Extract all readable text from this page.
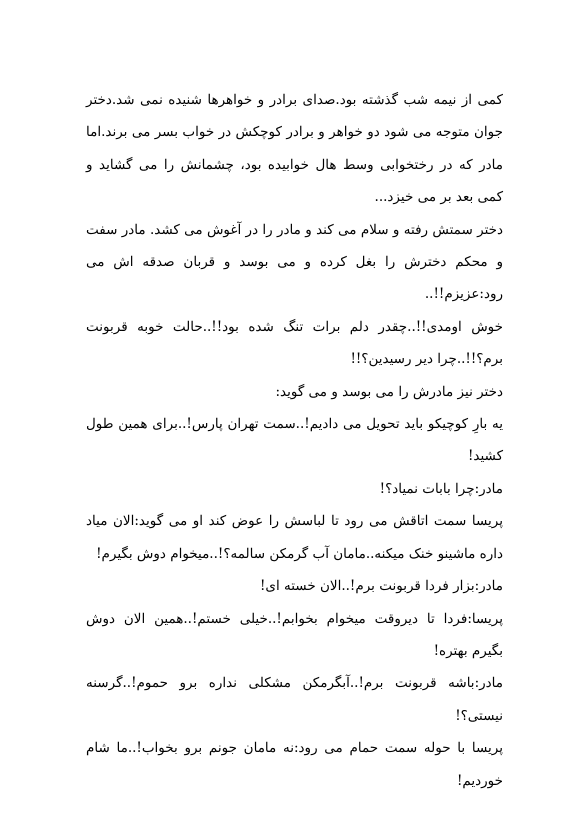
کمی از نیمه شب گذشته بود.صدای برادر و خواهرها شنیده نمی شد.دختر جوان متوجه می شود دو خواهر و برادر کوچکش در خواب بسر می برند.اما مادر که در رختخوابی وسط هال خوابیده بود، چشمانش را می گشاید و کمی بعد بر می خیزد...

دختر سمتش رفته و سلام می کند و مادر را در آغوش می کشد. مادر سفت و محکم دخترش را بغل کرده و می بوسد و قربان صدقه اش می رود:عزیزم!!..

خوش اومدی!!..چقدر دلم برات تنگ شده بود!!..حالت خوبه قربونت برم؟!!..چرا دیر رسیدین؟!!

دختر نیز مادرش را می بوسد و می گوید:

یه بارِ کوچیکو باید تحویل می دادیم!..سمت تهران پارس!..برای همین طول کشید!

مادر:چرا بابات نمیاد؟!

پریسا سمت اتاقش می رود تا لباسش را عوض کند او می گوید:الان میاد داره ماشینو خنک میکنه..مامان آب گرمکن سالمه؟!..میخوام دوش بگیرم!

مادر:بزار فردا قربونت برم!..الان خسته ای!

پریسا:فردا تا دیروقت میخوام بخوابم!..خیلی خستم!..همین الان دوش بگیرم بهتره!

مادر:باشه قربونت برم!..آبگرمکن مشکلی نداره برو حموم!..گرسنه نیستی؟!

پریسا با حوله سمت حمام می رود:نه مامان جونم برو بخواب!..ما شام خوردیم!
